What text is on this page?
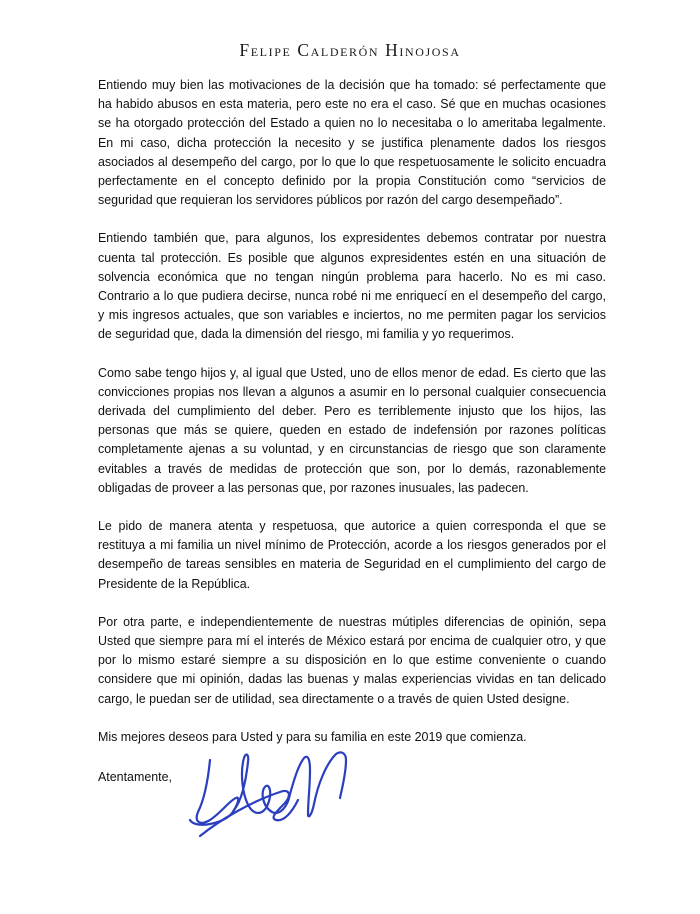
Felipe Calderón Hinojosa

Entiendo muy bien las motivaciones de la decisión que ha tomado: sé perfectamente que ha habido abusos en esta materia, pero este no era el caso. Sé que en muchas ocasiones se ha otorgado protección del Estado a quien no lo necesitaba o lo ameritaba legalmente. En mi caso, dicha protección la necesito y se justifica plenamente dados los riesgos asociados al desempeño del cargo, por lo que lo que respetuosamente le solicito encuadra perfectamente en el concepto definido por la propia Constitución como “servicios de seguridad que requieran los servidores públicos por razón del cargo desempeñado”.

Entiendo también que, para algunos, los expresidentes debemos contratar por nuestra cuenta tal protección. Es posible que algunos expresidentes estén en una situación de solvencia económica que no tengan ningún problema para hacerlo. No es mi caso. Contrario a lo que pudiera decirse, nunca robé ni me enriquecí en el desempeño del cargo, y mis ingresos actuales, que son variables e inciertos, no me permiten pagar los servicios de seguridad que, dada la dimensión del riesgo, mi familia y yo requerimos.

Como sabe tengo hijos y, al igual que Usted, uno de ellos menor de edad. Es cierto que las convicciones propias nos llevan a algunos a asumir en lo personal cualquier consecuencia derivada del cumplimiento del deber. Pero es terriblemente injusto que los hijos, las personas que más se quiere, queden en estado de indefensión por razones políticas completamente ajenas a su voluntad, y en circunstancias de riesgo que son claramente evitables a través de medidas de protección que son, por lo demás, razonablemente obligadas de proveer a las personas que, por razones inusuales, las padecen.

Le pido de manera atenta y respetuosa, que autorice a quien corresponda el que se restituya a mi familia un nivel mínimo de Protección, acorde a los riesgos generados por el desempeño de tareas sensibles en materia de Seguridad en el cumplimiento del cargo de Presidente de la República.

Por otra parte, e independientemente de nuestras mútiples diferencias de opinión, sepa Usted que siempre para mí el interés de México estará por encima de cualquier otro, y que por lo mismo estaré siempre a su disposición en lo que estime conveniente o cuando considere que mi opinión, dadas las buenas y malas experiencias vividas en tan delicado cargo, le puedan ser de utilidad, sea directamente o a través de quien Usted designe.

Mis mejores deseos para Usted y para su familia en este 2019 que comienza.

Atentamente,
